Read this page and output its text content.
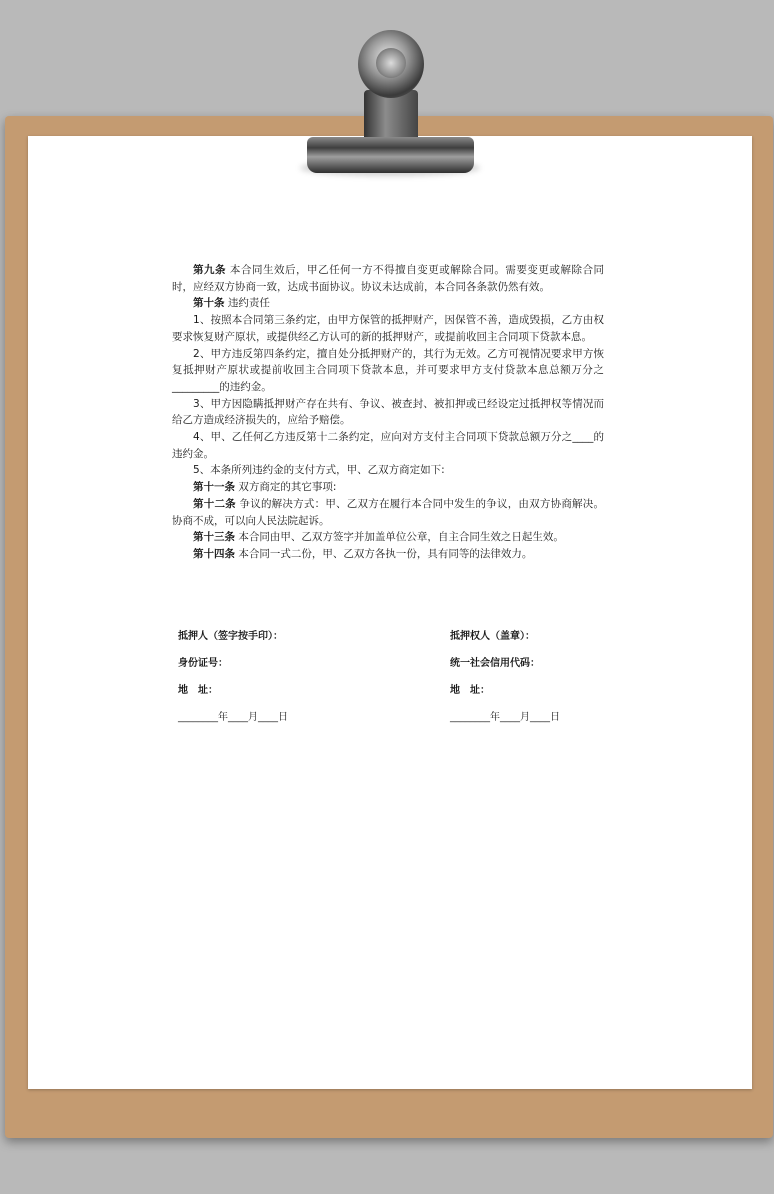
第九条 本合同生效后，甲乙任何一方不得擅自变更或解除合同。需要变更或解除合同时，应经双方协商一致，达成书面协议。协议未达成前，本合同各条款仍然有效。

第十条 违约责任

1、按照本合同第三条约定，由甲方保管的抵押财产，因保管不善，造成毁损，乙方由权要求恢复财产原状，或提供经乙方认可的新的抵押财产，或提前收回主合同项下贷款本息。

2、甲方违反第四条约定，擅自处分抵押财产的，其行为无效。乙方可视情况要求甲方恢复抵押财产原状或提前收回主合同项下贷款本息，并可要求甲方支付贷款本息总额万分之_________的违约金。

3、甲方因隐瞒抵押财产存在共有、争议、被查封、被扣押或已经设定过抵押权等情况而给乙方造成经济损失的，应给予赔偿。

4、甲、乙任何乙方违反第十二条约定，应向对方支付主合同项下贷款总额万分之____的违约金。

5、本条所列违约金的支付方式，甲、乙双方商定如下:

第十一条 双方商定的其它事项:

第十二条 争议的解决方式：甲、乙双方在履行本合同中发生的争议，由双方协商解决。协商不成，可以向人民法院起诉。

第十三条 本合同由甲、乙双方签字并加盖单位公章，自主合同生效之日起生效。

第十四条 本合同一式二份，甲、乙双方各执一份，具有同等的法律效力。

抵押人（签字按手印）：
身份证号：
地　址：
________年____月____日
抵押权人（盖章）：
统一社会信用代码：
地　址：
________年____月____日
